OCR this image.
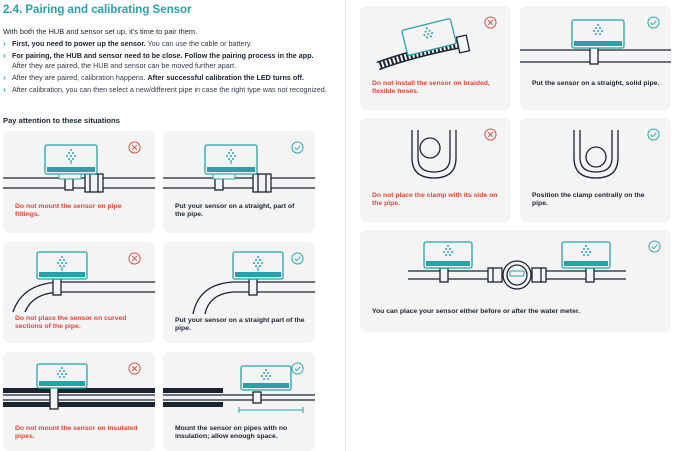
2.4. Pairing and calibrating Sensor
With both the HUB and sensor set up, it's time to pair them.
› First, you need to power up the sensor. You can use the cable or battery.
› For pairing, the HUB and sensor need to be close. Follow the pairing process in the app.
After they are paired, the HUB and sensor can be moved further apart.
› After they are paired, calibration happens. After successful calibration the LED turns off.
› After calibration, you can then select a new/different pipe in case the right type was not recognized.
Pay attention to these situations
Do not mount the sensor on pipe fittings.
Put your sensor on a straight, part of the pipe.
Do not place the sensor on curved sections of the pipe.
Put your sensor on a straight part of the pipe.
Do not mount the sensor on insulated pipes.
Mount the sensor on pipes with no insulation; allow enough space.
Do not install the sensor on braided, flexible hoses.
Put the sensor on a straight, solid pipe.
Do not place the clamp with its side on the pipe.
Position the clamp centrally on the pipe.
You can place your sensor either before or after the water meter.
